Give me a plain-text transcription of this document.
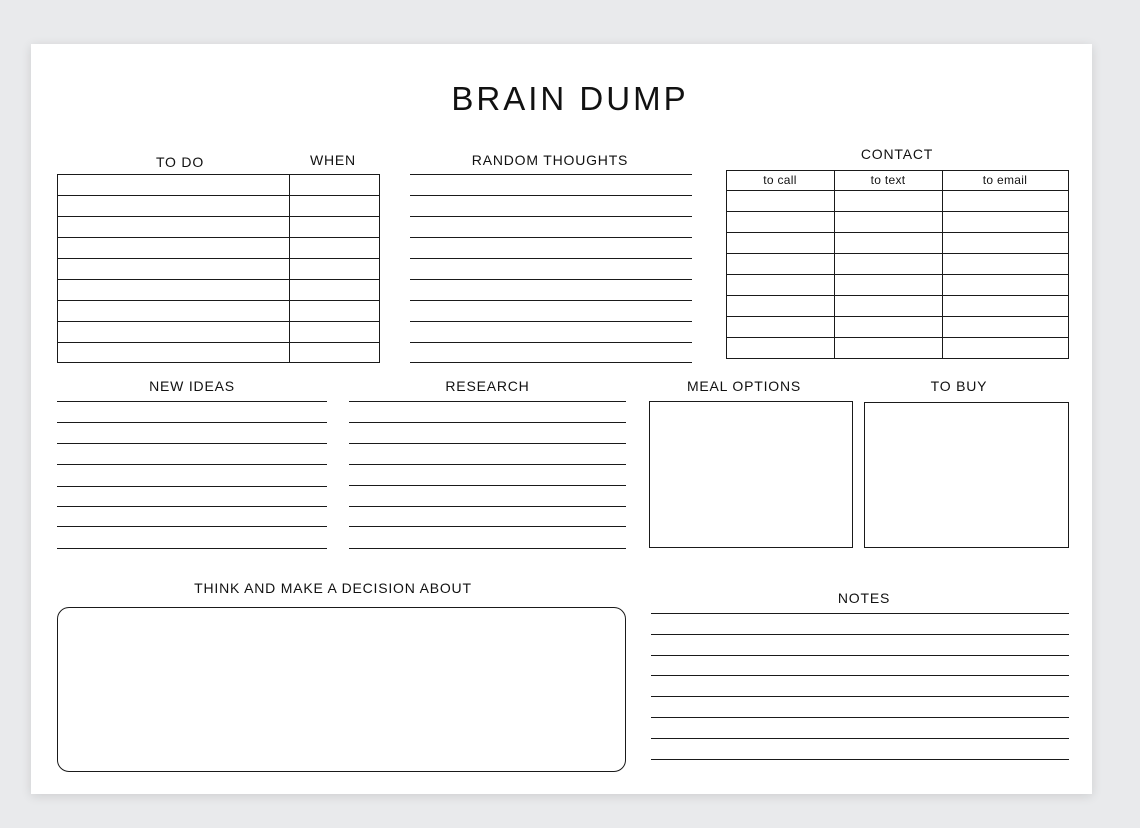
BRAIN DUMP
TO DO	WHEN	RANDOM THOUGHTS	CONTACT
to call	to text	to email
NEW IDEAS	RESEARCH	MEAL OPTIONS	TO BUY
THINK AND MAKE A DECISION ABOUT
NOTES
